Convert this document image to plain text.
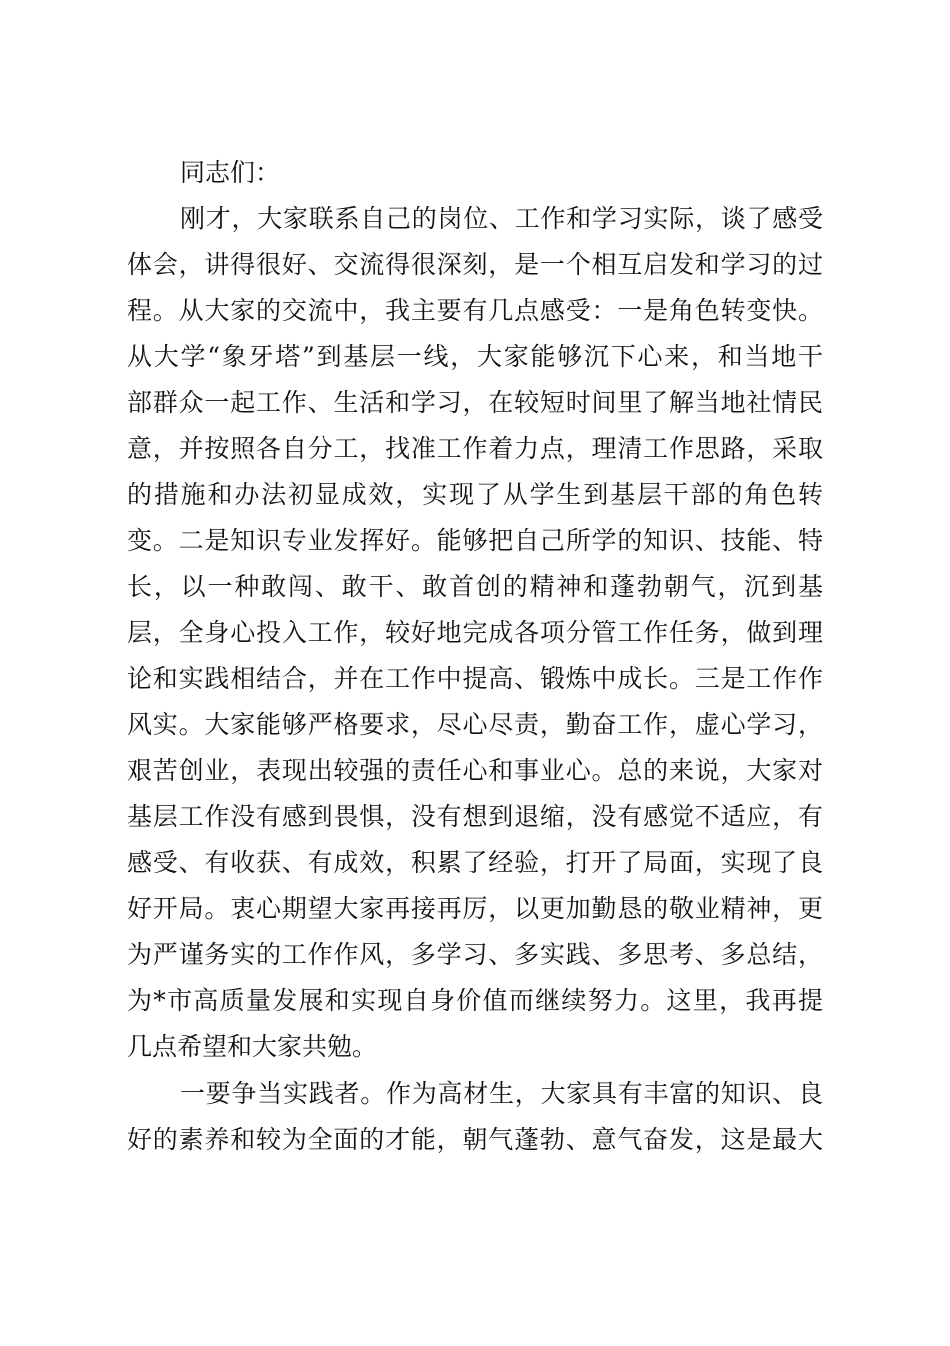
同志们：
刚才，大家联系自己的岗位、工作和学习实际，谈了感受
体会，讲得很好、交流得很深刻，是一个相互启发和学习的过
程。从大家的交流中，我主要有几点感受：一是角色转变快。
从大学“象牙塔”到基层一线，大家能够沉下心来，和当地干
部群众一起工作、生活和学习，在较短时间里了解当地社情民
意，并按照各自分工，找准工作着力点，理清工作思路，采取
的措施和办法初显成效，实现了从学生到基层干部的角色转
变。二是知识专业发挥好。能够把自己所学的知识、技能、特
长，以一种敢闯、敢干、敢首创的精神和蓬勃朝气，沉到基
层，全身心投入工作，较好地完成各项分管工作任务，做到理
论和实践相结合，并在工作中提高、锻炼中成长。三是工作作
风实。大家能够严格要求，尽心尽责，勤奋工作，虚心学习，
艰苦创业，表现出较强的责任心和事业心。总的来说，大家对
基层工作没有感到畏惧，没有想到退缩，没有感觉不适应，有
感受、有收获、有成效，积累了经验，打开了局面，实现了良
好开局。衷心期望大家再接再厉，以更加勤恳的敬业精神，更
为严谨务实的工作作风，多学习、多实践、多思考、多总结，
为*市高质量发展和实现自身价值而继续努力。这里，我再提
几点希望和大家共勉。
一要争当实践者。作为高材生，大家具有丰富的知识、良
好的素养和较为全面的才能，朝气蓬勃、意气奋发，这是最大
